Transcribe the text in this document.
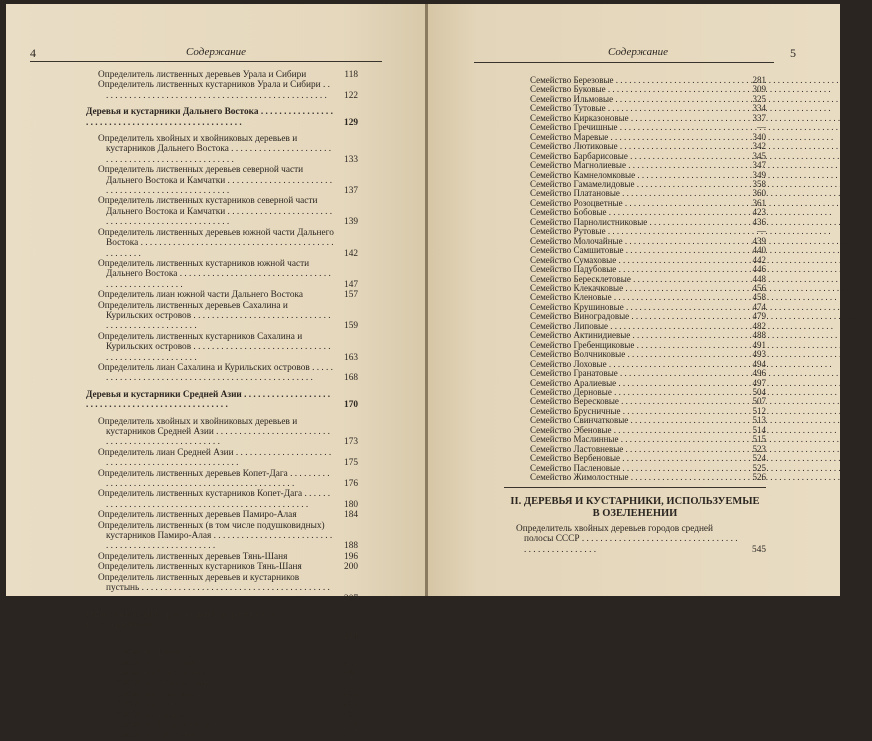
4	Содержание
Определитель лиственных деревьев Урала и Сибири	118
Определитель лиственных кустарников Урала и Сибири . . .
122
Деревья и кустарники Дальнего Востока . . .
129
Определитель хвойных и хвойниковых деревьев и кустарников Дальнего Востока . . .
133
Определитель лиственных деревьев северной части Дальнего Востока и Камчатки . . .
137
Определитель лиственных кустарников северной части Дальнего Востока и Камчатки . . .
139
Определитель лиственных деревьев южной части Дальнего Востока . . .
142
Определитель лиственных кустарников южной части Дальнего Востока . . .
147
Определитель лиан южной части Дальнего Востока	157
Определитель лиственных деревьев Сахалина и Курильских островов . . .
159
Определитель лиственных кустарников Сахалина и Курильских островов . . .
163
Определитель лиан Сахалина и Курильских островов . . .
168
Деревья и кустарники Средней Азии . . .
170
Определитель хвойных и хвойниковых деревьев и кустарников Средней Азии . . .
173
Определитель лиан Средней Азии . . .
175
Определитель лиственных деревьев Копет-Дага . . .
176
Определитель лиственных кустарников Копет-Дага . . .
180
Определитель лиственных деревьев Памиро-Алая	184
Определитель лиственных (в том числе подушковидных) кустарников Памиро-Алая . . .
188
Определитель лиственных деревьев Тянь-Шаня	196
Определитель лиственных кустарников Тянь-Шаня	200
Определитель лиственных деревьев и кустарников пустынь . . .
207
Описания дикорастущих деревьев и кустарников . . .
210
Семейство Тисовые . . .	—
Семейство Сосновые . . .	212
Семейство Кипарисовые . . .	241
Семейство Хвойниковые . . .	250
Семейство Злаковые . . .	252
Семейство Лилейные . . .	254
Семейство Ивовые . . .	255
Семейство Восковниковые . . .	276
Семейство Ореховые . . .	277
Содержание	5
Семейство Березовые . . .	281
Семейство Буковые . . .	309
Семейство Ильмовые . . .	325
Семейство Тутовые . . .	334
Семейство Кирказоновые . . .	337
Семейство Гречишные . . .	—
Семейство Маревые . . .	340
Семейство Лютиковые . . .	342
Семейство Барбарисовые . . .	345
Семейство Магнолиевые . . .	347
Семейство Камнеломковые . . .	349
Семейство Гамамелидовые . . .	358
Семейство Платановые . . .	360
Семейство Розоцветные . . .	361
Семейство Бобовые . . .	423
Семейство Парнолистниковые . . .	436
Семейство Рутовые . . .	—
Семейство Молочайные . . .	439
Семейство Самшитовые . . .	440
Семейство Сумаховые . . .	442
Семейство Падубовые . . .	446
Семейство Бересклетовые . . .	448
Семейство Клекачковые . . .	456
Семейство Кленовые . . .	458
Семейство Крушиновые . . .	474
Семейство Виноградовые . . .	479
Семейство Липовые . . .	482
Семейство Актинидиевые . . .	488
Семейство Гребенщиковые . . .	491
Семейство Волчниковые . . .	493
Семейство Лоховые . . .	494
Семейство Гранатовые . . .	496
Семейство Аралиевые . . .	497
Семейство Дерновые . . .	504
Семейство Вересковые . . .	507
Семейство Брусничные . . .	512
Семейство Свинчатковые . . .	513
Семейство Эбеновые . . .	514
Семейство Маслинные . . .	515
Семейство Ластовневые . . .	523
Семейство Вербеновые . . .	524
Семейство Пасленовые . . .	525
Семейство Жимолостные . . .	526
II. ДЕРЕВЬЯ И КУСТАРНИКИ, ИСПОЛЬЗУЕМЫЕ
В ОЗЕЛЕНЕНИИ
Определитель хвойных деревьев городов средней полосы СССР . . .
545
